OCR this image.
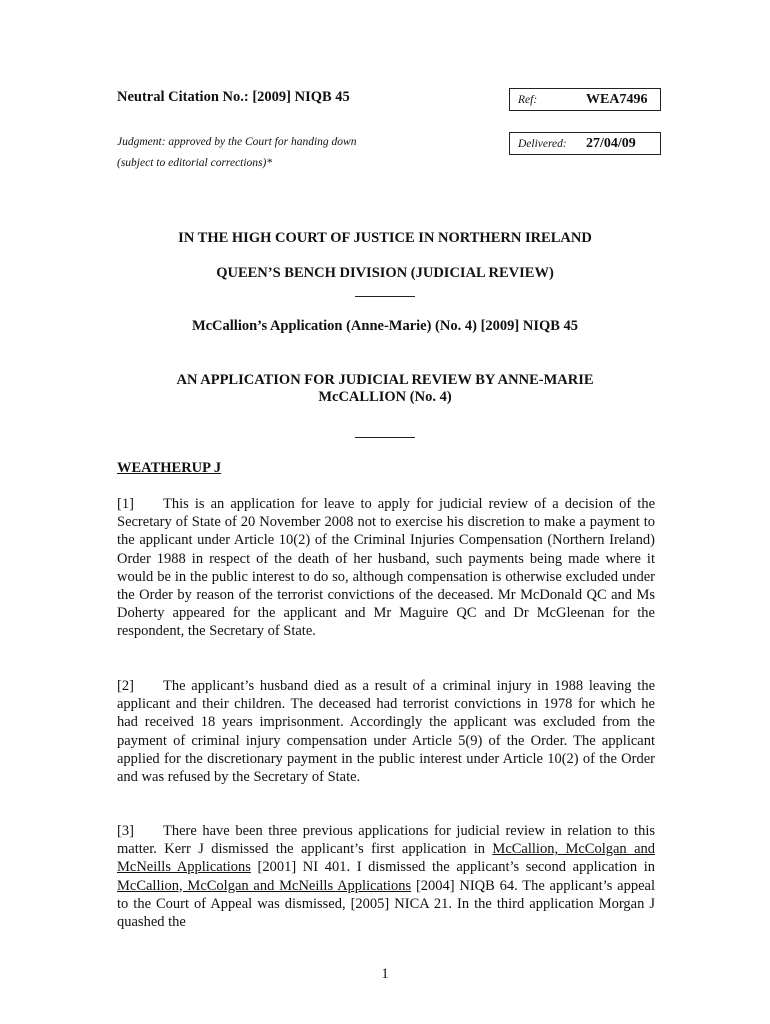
Neutral Citation No.: [2009] NIQB 45
Judgment: approved by the Court for handing down
(subject to editorial corrections)*
Ref:	WEA7496
Delivered:	27/04/09
IN THE HIGH COURT OF JUSTICE IN NORTHERN IRELAND
QUEEN’S BENCH DIVISION (JUDICIAL REVIEW)
McCallion’s Application (Anne-Marie) (No. 4) [2009] NIQB 45
AN APPLICATION FOR JUDICIAL REVIEW BY ANNE-MARIE
McCALLION (No. 4)
WEATHERUP J
[1] This is an application for leave to apply for judicial review of a decision of the Secretary of State of 20 November 2008 not to exercise his discretion to make a payment to the applicant under Article 10(2) of the Criminal Injuries Compensation (Northern Ireland) Order 1988 in respect of the death of her husband, such payments being made where it would be in the public interest to do so, although compensation is otherwise excluded under the Order by reason of the terrorist convictions of the deceased. Mr McDonald QC and Ms Doherty appeared for the applicant and Mr Maguire QC and Dr McGleenan for the respondent, the Secretary of State.
[2] The applicant’s husband died as a result of a criminal injury in 1988 leaving the applicant and their children. The deceased had terrorist convictions in 1978 for which he had received 18 years imprisonment. Accordingly the applicant was excluded from the payment of criminal injury compensation under Article 5(9) of the Order. The applicant applied for the discretionary payment in the public interest under Article 10(2) of the Order and was refused by the Secretary of State.
[3] There have been three previous applications for judicial review in relation to this matter. Kerr J dismissed the applicant’s first application in McCallion, McColgan and McNeills Applications [2001] NI 401. I dismissed the applicant’s second application in McCallion, McColgan and McNeills Applications [2004] NIQB 64. The applicant’s appeal to the Court of Appeal was dismissed, [2005] NICA 21. In the third application Morgan J quashed the
1
